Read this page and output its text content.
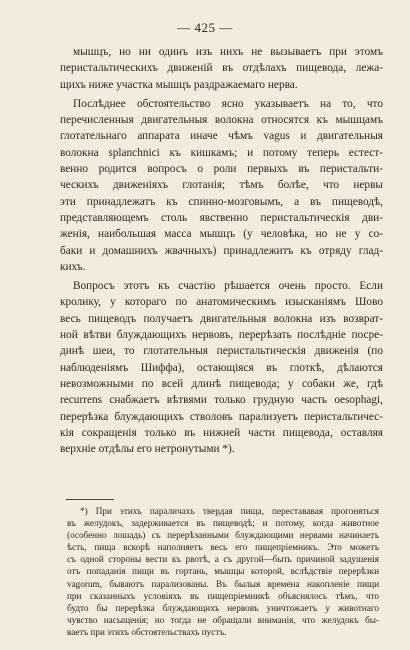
— 425 —
мышцъ, но ни одинъ изъ нихъ не вызываетъ при этомъ
перистальтическихъ движеній въ отдѣлахъ пищевода, лежа-
щихъ ниже участка мышцъ раздражаемаго нерва.
Послѣднее обстоятельство ясно указываетъ на то, что
перечисленныя двигательныя волокна относятся къ мышцамъ
глотательнаго аппарата иначе чѣмъ vagus и двигательныя
волокна splanchnici къ кишкамъ; и потому теперь естест-
венно родится вопросъ о роли первыхъ въ перистальти-
ческихъ движеніяхъ глотанія; тѣмъ болѣе, что нервы
эти принадлежатъ къ спинно-мозговымъ, а въ пищеводѣ,
представляющемъ столь явственно перистальтическія дви-
женія, наибольшая масса мышцъ (у человѣка, но не у со-
баки и домашнихъ жвачныхъ) принадлежитъ къ отряду глад-
кихъ.
Вопросъ этотъ къ счастію рѣшается очень просто. Если
кролику, у котораго по анатомическимъ изысканіямъ Шово
весь пищеводъ получаетъ двигательныя волокна изъ возврат-
ной вѣтви блуждающихъ нервовъ, перерѣзать послѣдніе посре-
динѣ шеи, то глотательныя перистальтическія движенія (по
наблюденіямъ Шиффа), остающіяся въ глоткѣ, дѣлаются
невозможными по всей длинѣ пищевода; у собаки же, гдѣ
recurrens снабжаетъ вѣтвями только грудную часть oesophagi,
перерѣзка блуждающихъ стволовъ парализуетъ перистальтичес-
кія сокращенія только въ нижней части пищевода, оставляя
верхніе отдѣлы его нетронутыми *).
*) При этихъ параличахъ твердая пища, перестававая прогоняться
въ желудокъ, задерживается въ пищеводѣ; и потому, когда животное
(особенно лошадь) съ перерѣзанными блуждающими нервами начинаетъ
ѣсть, пища вскорѣ наполняетъ весь его пищепріемникъ. Это можетъ
съ одной стороны вести къ рвотѣ, а съ другой—быть причиной задушенія
отъ попаданія пищи въ гортань, мышцы которой, вслѣдствіе перерѣзки
vagorum, бываютъ парализованы. Въ былыя времена накопленіе пищи
при сказанныхъ условіяхъ въ пищепріемникѣ объяснялось тѣмъ, что
будто бы перерѣзка блуждающихъ нервовъ уничтожаетъ у животнаго
чувство насыщенія; но тогда не обращали вниманія, что желудокъ бы-
ваетъ при этихъ обстоятельствахъ пустъ.
